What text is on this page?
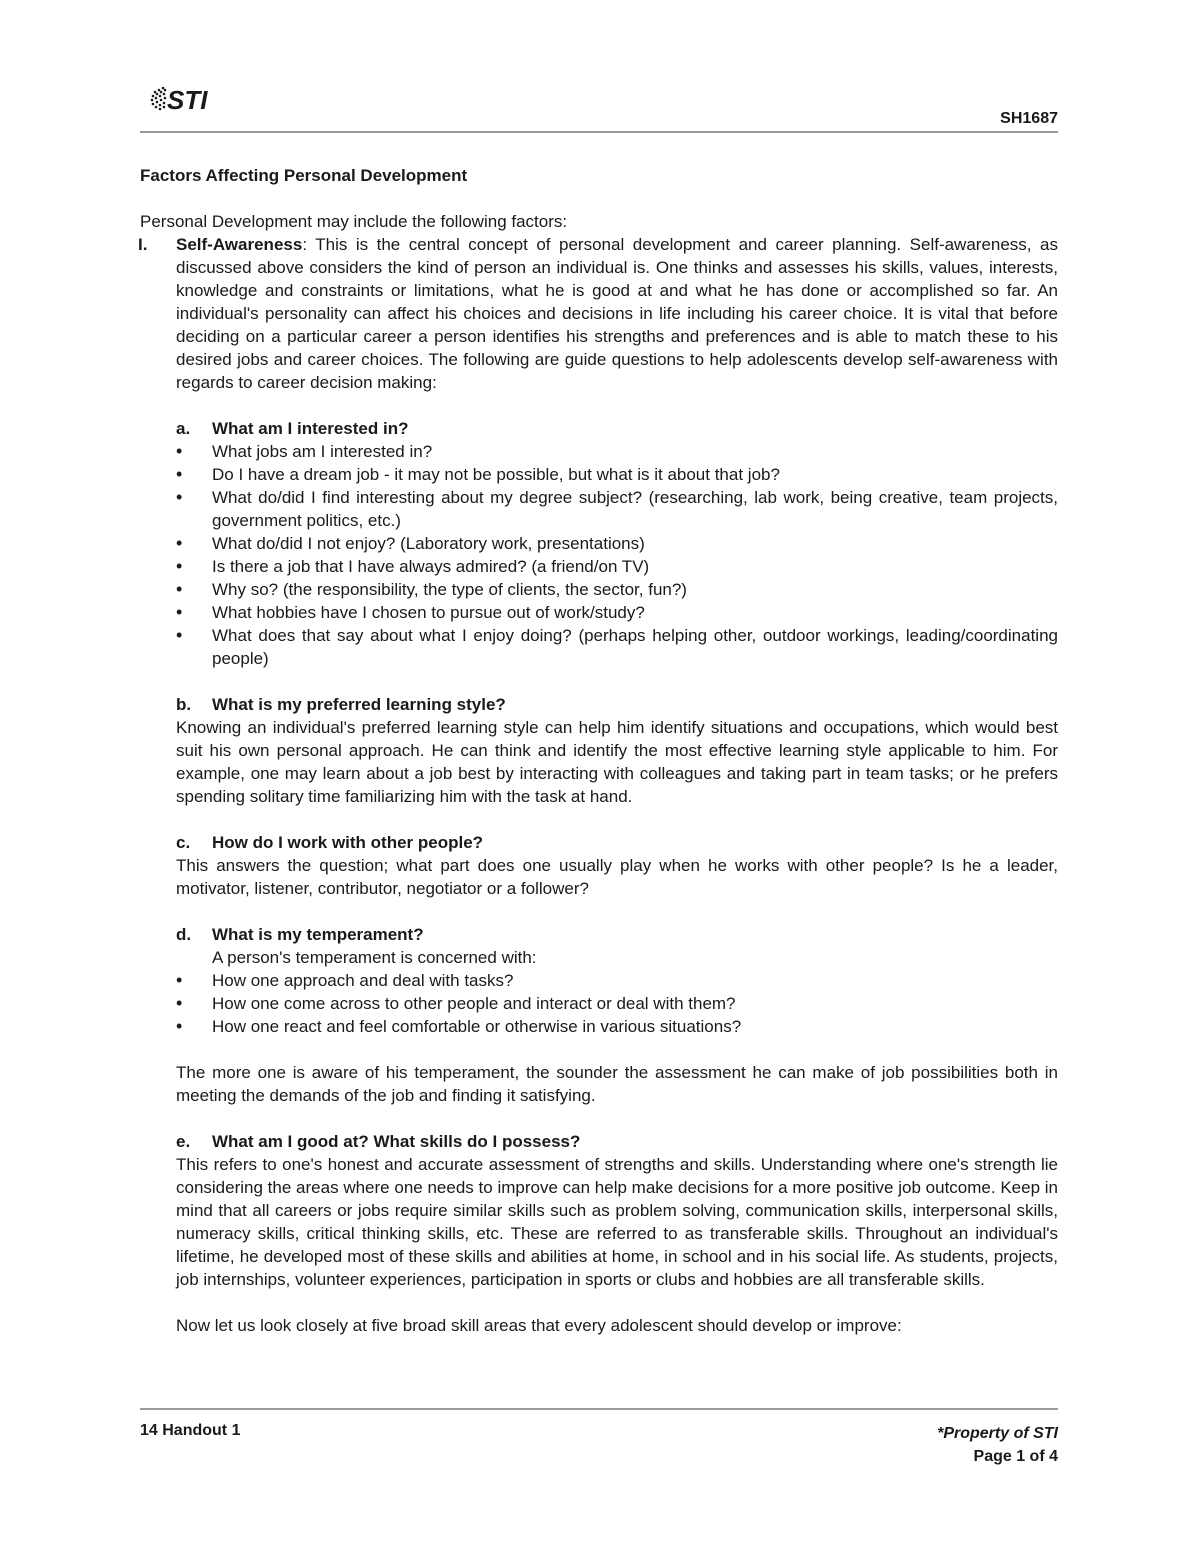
STI
SH1687

Factors Affecting Personal Development

Personal Development may include the following factors:

I. Self-Awareness: This is the central concept of personal development and career planning. Self-awareness, as discussed above considers the kind of person an individual is. One thinks and assesses his skills, values, interests, knowledge and constraints or limitations, what he is good at and what he has done or accomplished so far. An individual's personality can affect his choices and decisions in life including his career choice. It is vital that before deciding on a particular career a person identifies his strengths and preferences and is able to match these to his desired jobs and career choices. The following are guide questions to help adolescents develop self-awareness with regards to career decision making:
a. What am I interested in?
• What jobs am I interested in?
• Do I have a dream job - it may not be possible, but what is it about that job?
• What do/did I find interesting about my degree subject? (researching, lab work, being creative, team projects, government politics, etc.)
• What do/did I not enjoy? (Laboratory work, presentations)
• Is there a job that I have always admired? (a friend/on TV)
• Why so? (the responsibility, the type of clients, the sector, fun?)
• What hobbies have I chosen to pursue out of work/study?
• What does that say about what I enjoy doing? (perhaps helping other, outdoor workings, leading/coordinating people)
b. What is my preferred learning style?

Knowing an individual's preferred learning style can help him identify situations and occupations, which would best suit his own personal approach. He can think and identify the most effective learning style applicable to him. For example, one may learn about a job best by interacting with colleagues and taking part in team tasks; or he prefers spending solitary time familiarizing him with the task at hand.

c. How do I work with other people?

This answers the question; what part does one usually play when he works with other people? Is he a leader, motivator, listener, contributor, negotiator or a follower?

d. What is my temperament?

A person's temperament is concerned with:

• How one approach and deal with tasks?
• How one come across to other people and interact or deal with them?
• How one react and feel comfortable or otherwise in various situations?

The more one is aware of his temperament, the sounder the assessment he can make of job possibilities both in meeting the demands of the job and finding it satisfying.

e. What am I good at? What skills do I possess?

This refers to one's honest and accurate assessment of strengths and skills. Understanding where one's strength lie considering the areas where one needs to improve can help make decisions for a more positive job outcome. Keep in mind that all careers or jobs require similar skills such as problem solving, communication skills, interpersonal skills, numeracy skills, critical thinking skills, etc. These are referred to as transferable skills. Throughout an individual's lifetime, he developed most of these skills and abilities at home, in school and in his social life. As students, projects, job internships, volunteer experiences, participation in sports or clubs and hobbies are all transferable skills.

Now let us look closely at five broad skill areas that every adolescent should develop or improve:

14 Handout 1	*Property of STI
Page 1 of 4
